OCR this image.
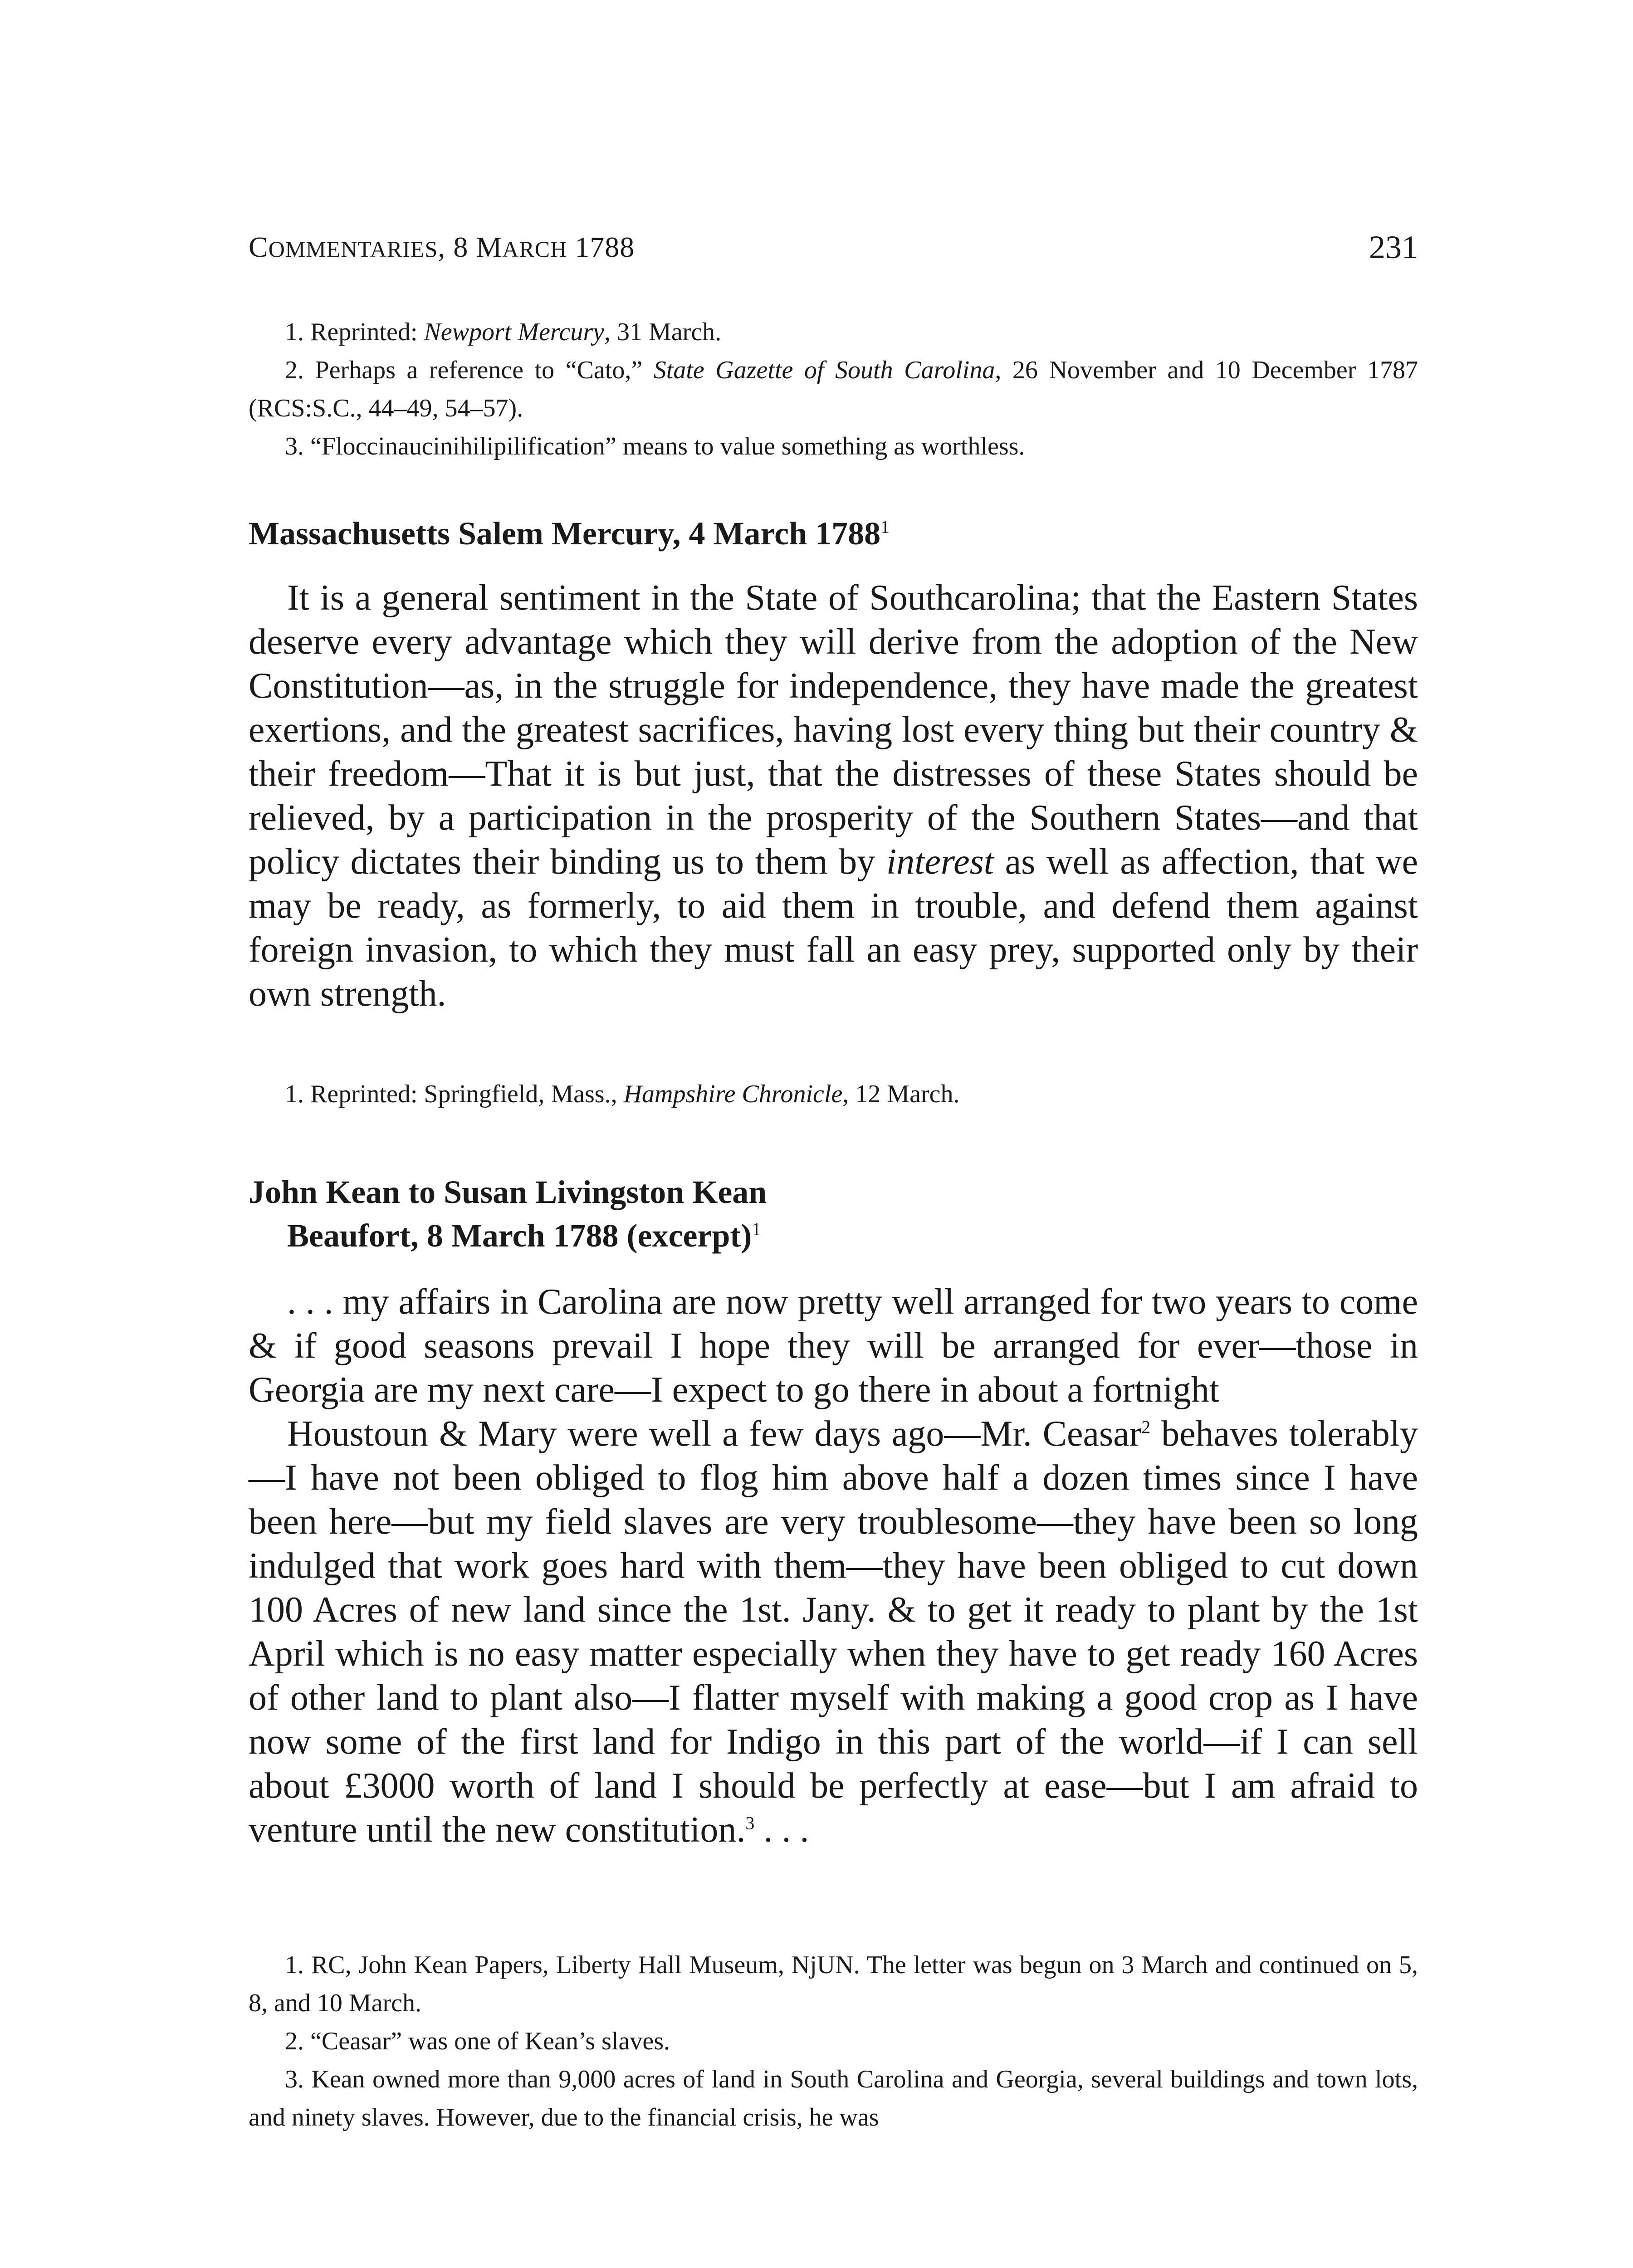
COMMENTARIES, 8 MARCH 1788	231

1. Reprinted: Newport Mercury, 31 March.

2. Perhaps a reference to “Cato,” State Gazette of South Carolina, 26 November and 10 December 1787 (RCS:S.C., 44–49, 54–57).

3. “Floccinaucinihilipilification” means to value something as worthless.

Massachusetts Salem Mercury, 4 March 1788$^1$

It is a general sentiment in the State of Southcarolina; that the Eastern States deserve every advantage which they will derive from the adoption of the New Constitution—as, in the struggle for independence, they have made the greatest exertions, and the greatest sacrifices, having lost every thing but their country & their freedom—That it is but just, that the distresses of these States should be relieved, by a participation in the prosperity of the Southern States—and that policy dictates their binding us to them by interest as well as affection, that we may be ready, as formerly, to aid them in trouble, and defend them against foreign invasion, to which they must fall an easy prey, supported only by their own strength.

1. Reprinted: Springfield, Mass., Hampshire Chronicle, 12 March.

John Kean to Susan Livingston Kean
Beaufort, 8 March 1788 (excerpt)$^1$

. . . my affairs in Carolina are now pretty well arranged for two years to come & if good seasons prevail I hope they will be arranged for ever—those in Georgia are my next care—I expect to go there in about a fortnight

Houstoun & Mary were well a few days ago—Mr. Ceasar$^2$ behaves tolerably—I have not been obliged to flog him above half a dozen times since I have been here—but my field slaves are very troublesome—they have been so long indulged that work goes hard with them—they have been obliged to cut down 100 Acres of new land since the 1st. Jany. & to get it ready to plant by the 1st April which is no easy matter especially when they have to get ready 160 Acres of other land to plant also—I flatter myself with making a good crop as I have now some of the first land for Indigo in this part of the world—if I can sell about £3000 worth of land I should be perfectly at ease—but I am afraid to venture until the new constitution.$^3$ . . .

1. RC, John Kean Papers, Liberty Hall Museum, NjUN. The letter was begun on 3 March and continued on 5, 8, and 10 March.

2. “Ceasar” was one of Kean’s slaves.

3. Kean owned more than 9,000 acres of land in South Carolina and Georgia, several buildings and town lots, and ninety slaves. However, due to the financial crisis, he was
